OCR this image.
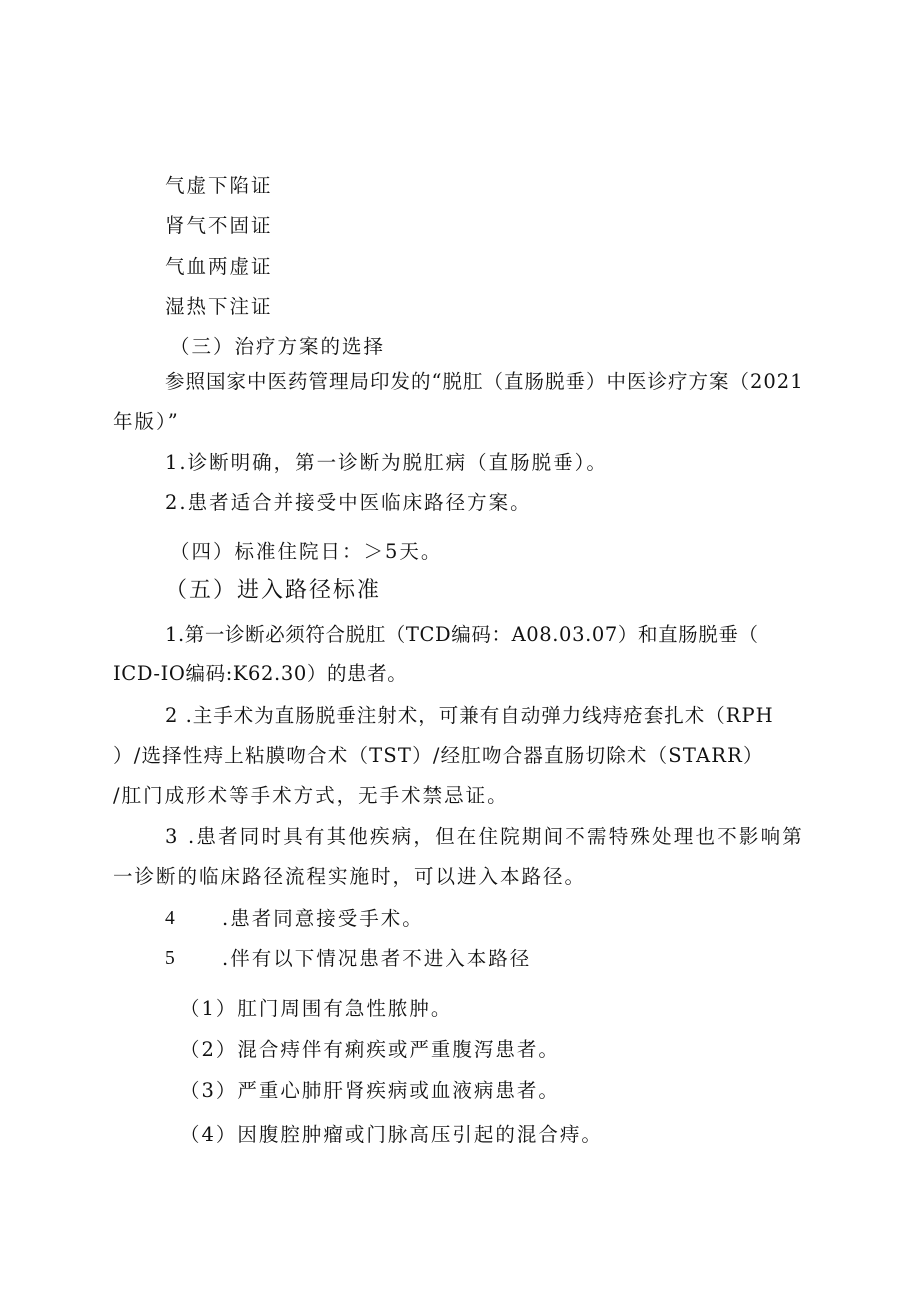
气虚下陷证
肾气不固证
气血两虚证
湿热下注证
（三）治疗方案的选择
参照国家中医药管理局印发的“脱肛（直肠脱垂）中医诊疗方案（2021
年版）”
1.诊断明确，第一诊断为脱肛病（直肠脱垂）。
2.患者适合并接受中医临床路径方案。
（四）标准住院日：＞5天。
（五）进入路径标准
1.第一诊断必须符合脱肛（TCD编码：A08.03.07）和直肠脱垂（
ICD-IO编码:K62.30）的患者。
2 .主手术为直肠脱垂注射术，可兼有自动弹力线痔疮套扎术（RPH
）/选择性痔上粘膜吻合术（TST）/经肛吻合器直肠切除术（STARR）
/肛门成形术等手术方式，无手术禁忌证。
3 .患者同时具有其他疾病，但在住院期间不需特殊处理也不影响第
一诊断的临床路径流程实施时，可以进入本路径。
4 .患者同意接受手术。
5 .伴有以下情况患者不进入本路径
（1）肛门周围有急性脓肿。
（2）混合痔伴有痢疾或严重腹泻患者。
（3）严重心肺肝肾疾病或血液病患者。
（4）因腹腔肿瘤或门脉高压引起的混合痔。
